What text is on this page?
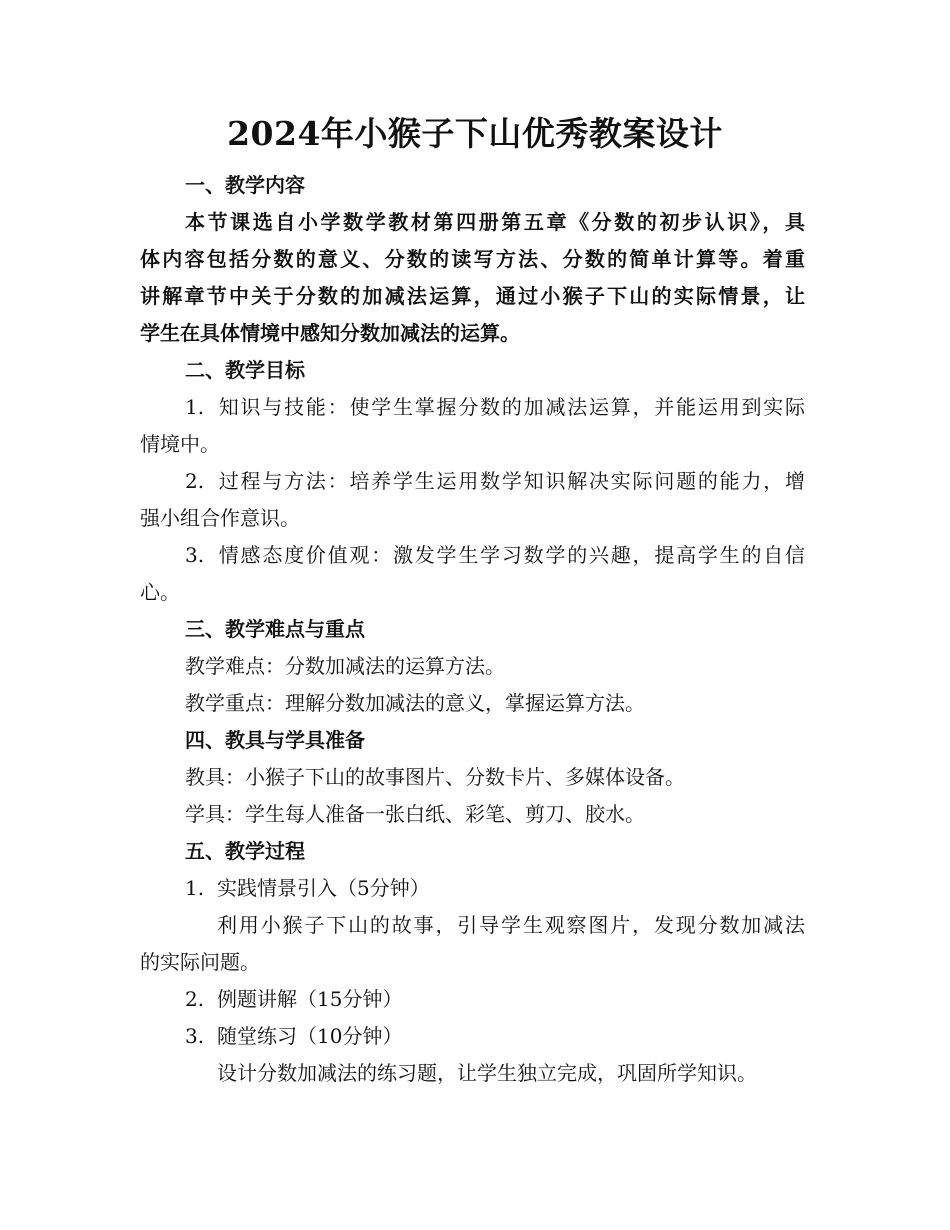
2024年小猴子下山优秀教案设计
一、教学内容
本节课选自小学数学教材第四册第五章《分数的初步认识》，具
体内容包括分数的意义、分数的读写方法、分数的简单计算等。着重
讲解章节中关于分数的加减法运算，通过小猴子下山的实际情景，让
学生在具体情境中感知分数加减法的运算。
二、教学目标
1. 知识与技能：使学生掌握分数的加减法运算，并能运用到实际
情境中。
2. 过程与方法：培养学生运用数学知识解决实际问题的能力，增
强小组合作意识。
3. 情感态度价值观：激发学生学习数学的兴趣，提高学生的自信
心。
三、教学难点与重点
教学难点：分数加减法的运算方法。
教学重点：理解分数加减法的意义，掌握运算方法。
四、教具与学具准备
教具：小猴子下山的故事图片、分数卡片、多媒体设备。
学具：学生每人准备一张白纸、彩笔、剪刀、胶水。
五、教学过程
1. 实践情景引入（5分钟）
利用小猴子下山的故事，引导学生观察图片，发现分数加减法
的实际问题。
2. 例题讲解（15分钟）
3. 随堂练习（10分钟）
设计分数加减法的练习题，让学生独立完成，巩固所学知识。
